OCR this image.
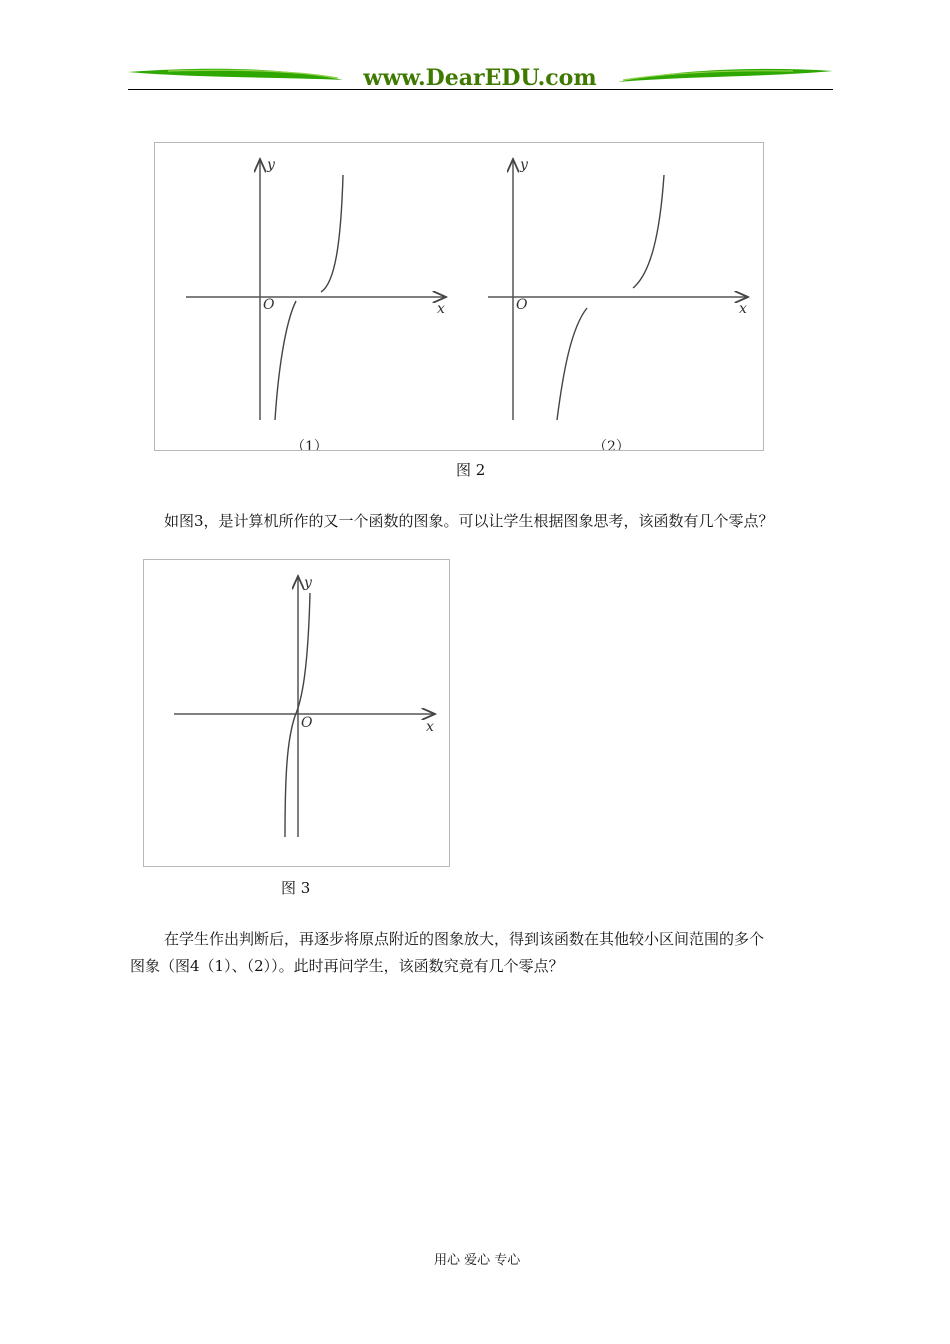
www.DearEDU.com
O	x
y
（1）
O	x
y
（2）
图 2
如图3，是计算机所作的又一个函数的图象。可以让学生根据图象思考，该函数有几个零点？
O	x
y
图 3
在学生作出判断后，再逐步将原点附近的图象放大，得到该函数在其他较小区间范围的多个
图象（图4（1）、（2））。此时再问学生，该函数究竟有几个零点？
用心 爱心 专心
